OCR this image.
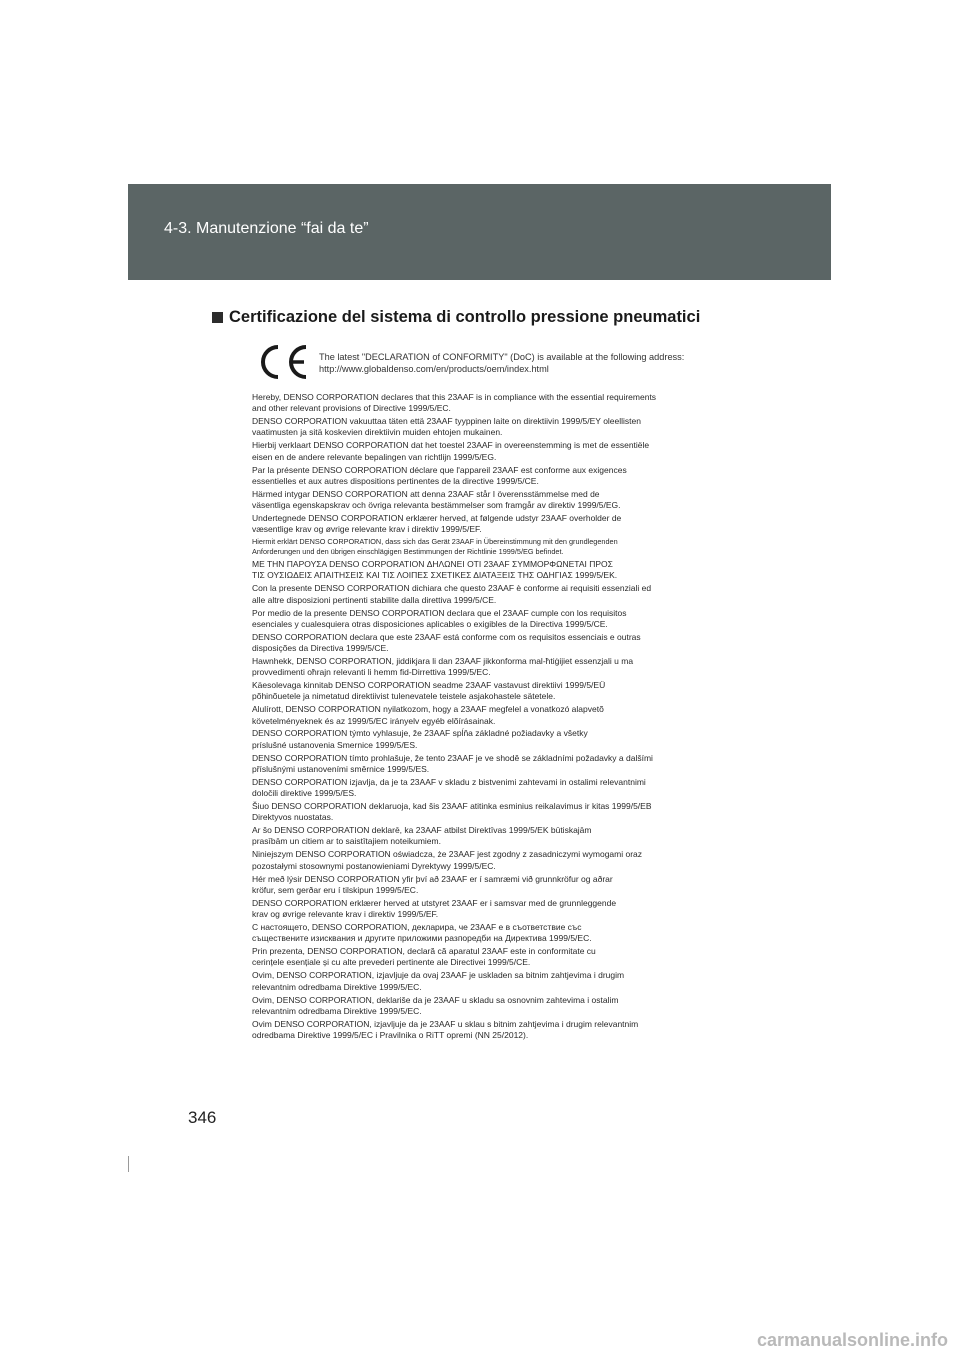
4-3. Manutenzione “fai da te”
Certificazione del sistema di controllo pressione pneumatici
The latest "DECLARATION of CONFORMITY" (DoC) is available at the following address:
http://www.globaldenso.com/en/products/oem/index.html
Hereby, DENSO CORPORATION declares that this 23AAF is in compliance with the essential requirements
and other relevant provisions of Directive 1999/5/EC.
DENSO CORPORATION vakuuttaa täten että 23AAF tyyppinen laite on direktiivin 1999/5/EY oleellisten
vaatimusten ja sitä koskevien direktiivin muiden ehtojen mukainen.
Hierbij verklaart DENSO CORPORATION dat het toestel 23AAF in overeenstemming is met de essentiële
eisen en de andere relevante bepalingen van richtlijn 1999/5/EG.
Par la présente DENSO CORPORATION déclare que l'appareil 23AAF est conforme aux exigences
essentielles et aux autres dispositions pertinentes de la directive 1999/5/CE.
Härmed intygar DENSO CORPORATION att denna 23AAF står I överensstämmelse med de
väsentliga egenskapskrav och övriga relevanta bestämmelser som framgår av direktiv 1999/5/EG.
Undertegnede DENSO CORPORATION erklærer herved, at følgende udstyr 23AAF overholder de
væsentlige krav og øvrige relevante krav i direktiv 1999/5/EF.
Hiermit erklärt DENSO CORPORATION, dass sich das Gerät 23AAF in Übereinstimmung mit den grundlegenden
Anforderungen und den übrigen einschlägigen Bestimmungen der Richtlinie 1999/5/EG befindet.
ΜΕ ΤΗΝ ΠΑΡΟΥΣΑ DENSO CORPORATION ΔΗΛΩΝΕΙ ΟΤΙ 23AAF ΣΥΜΜΟΡΦΩΝΕΤΑΙ ΠΡΟΣ
ΤΙΣ ΟΥΣΙΩΔΕΙΣ ΑΠΑΙΤΗΣΕΙΣ ΚΑΙ ΤΙΣ ΛΟΙΠΕΣ ΣΧΕΤΙΚΕΣ ΔΙΑΤΑΞΕΙΣ ΤΗΣ ΟΔΗΓΙΑΣ 1999/5/ΕΚ.
Con la presente DENSO CORPORATION dichiara che questo 23AAF è conforme ai requisiti essenziali ed
alle altre disposizioni pertinenti stabilite dalla direttiva 1999/5/CE.
Por medio de la presente DENSO CORPORATION declara que el 23AAF cumple con los requisitos
esenciales y cualesquiera otras disposiciones aplicables o exigibles de la Directiva 1999/5/CE.
DENSO CORPORATION declara que este 23AAF está conforme com os requisitos essenciais e outras
disposições da Directiva 1999/5/CE.
Hawnhekk, DENSO CORPORATION, jiddikjara li dan 23AAF jikkonforma mal-ħtiġijiet essenzjali u ma
provvedimenti oħrajn relevanti li hemm fid-Dirrettiva 1999/5/EC.
Käesolevaga kinnitab DENSO CORPORATION seadme 23AAF vastavust direktiivi 1999/5/EÜ
põhinõuetele ja nimetatud direktiivist tulenevatele teistele asjakohastele sätetele.
Alulírott, DENSO CORPORATION nyilatkozom, hogy a 23AAF megfelel a vonatkozó alapvetõ
követelményeknek és az 1999/5/EC irányelv egyéb elõírásainak.
DENSO CORPORATION týmto vyhlasuje, že 23AAF spĺňa základné požiadavky a všetky
príslušné ustanovenia Smernice 1999/5/ES.
DENSO CORPORATION tímto prohlašuje, že tento 23AAF je ve shodě se základními požadavky a dalšími
příslušnými ustanoveními směrnice 1999/5/ES.
DENSO CORPORATION izjavlja, da je ta 23AAF v skladu z bistvenimi zahtevami in ostalimi relevantnimi
določili direktive 1999/5/ES.
Šiuo DENSO CORPORATION deklaruoja, kad šis 23AAF atitinka esminius reikalavimus ir kitas 1999/5/EB
Direktyvos nuostatas.
Ar šo DENSO CORPORATION deklarē, ka 23AAF atbilst Direktīvas 1999/5/EK būtiskajām
prasībām un citiem ar to saistītajiem noteikumiem.
Niniejszym DENSO CORPORATION oświadcza, że 23AAF jest zgodny z zasadniczymi wymogami oraz
pozostałymi stosownymi postanowieniami Dyrektywy 1999/5/EC.
Hér með lýsir DENSO CORPORATION yfir því að 23AAF er í samræmi við grunnkröfur og aðrar
kröfur, sem gerðar eru í tilskipun 1999/5/EC.
DENSO CORPORATION erklærer herved at utstyret 23AAF er i samsvar med de grunnleggende
krav og øvrige relevante krav i direktiv 1999/5/EF.
С настоящето, DENSO CORPORATION, декларира, че 23AAF е в съответствие със
съществените изисквания и другите приложими разпоредби на Директива 1999/5/EC.
Prin prezenta, DENSO CORPORATION, declară că aparatul 23AAF este in conformitate cu
cerințele esențiale și cu alte prevederi pertinente ale Directivei 1999/5/CE.
Ovim, DENSO CORPORATION, izjavljuje da ovaj 23AAF je uskladen sa bitnim zahtjevima i drugim
relevantnim odredbama Direktive 1999/5/EC.
Ovim, DENSO CORPORATION, deklariše da je 23AAF u skladu sa osnovnim zahtevima i ostalim
relevantnim odredbama Direktive 1999/5/EC.
Ovim DENSO CORPORATION, izjavljuje da je 23AAF u sklau s bitnim zahtjevima i drugim relevantnim
odredbama Direktive 1999/5/EC i Pravilnika o RiTT opremi (NN 25/2012).
346
carmanualsonline.info
